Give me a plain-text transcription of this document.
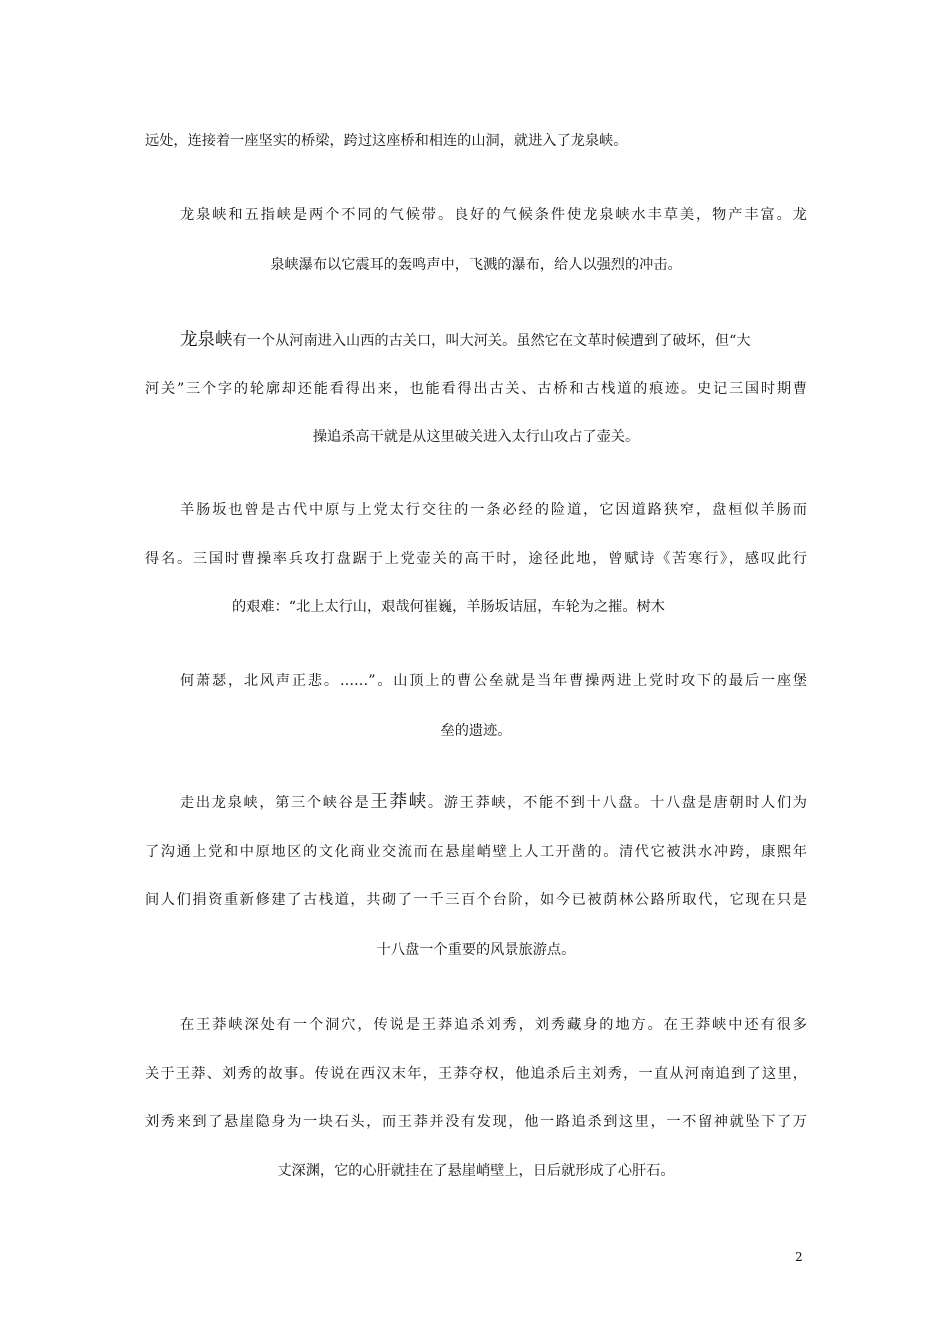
远处，连接着一座坚实的桥梁，跨过这座桥和相连的山洞，就进入了龙泉峡。
龙泉峡和五指峡是两个不同的气候带。良好的气候条件使龙泉峡水丰草美，物产丰富。龙
泉峡瀑布以它震耳的轰鸣声中，飞溅的瀑布，给人以强烈的冲击。
龙泉峡有一个从河南进入山西的古关口，叫大河关。虽然它在文革时候遭到了破坏，但“大
河关”三个字的轮廓却还能看得出来，也能看得出古关、古桥和古栈道的痕迹。史记三国时期曹
操追杀高干就是从这里破关进入太行山攻占了壶关。
羊肠坂也曾是古代中原与上党太行交往的一条必经的险道，它因道路狭窄，盘桓似羊肠而
得名。三国时曹操率兵攻打盘踞于上党壶关的高干时，途径此地，曾赋诗《苦寒行》，感叹此行
的艰难：“北上太行山，艰哉何崔巍，羊肠坂诘屈，车轮为之摧。树木
何萧瑟，北风声正悲。……”。山顶上的曹公垒就是当年曹操两进上党时攻下的最后一座堡
垒的遗迹。
走出龙泉峡，第三个峡谷是王莽峡。游王莽峡，不能不到十八盘。十八盘是唐朝时人们为
了沟通上党和中原地区的文化商业交流而在悬崖峭壁上人工开凿的。清代它被洪水冲跨，康熙年
间人们捐资重新修建了古栈道，共砌了一千三百个台阶，如今已被荫林公路所取代，它现在只是
十八盘一个重要的风景旅游点。
在王莽峡深处有一个洞穴，传说是王莽追杀刘秀，刘秀藏身的地方。在王莽峡中还有很多
关于王莽、刘秀的故事。传说在西汉末年，王莽夺权，他追杀后主刘秀，一直从河南追到了这里，
刘秀来到了悬崖隐身为一块石头，而王莽并没有发现，他一路追杀到这里，一不留神就坠下了万
丈深渊，它的心肝就挂在了悬崖峭壁上，日后就形成了心肝石。
2
